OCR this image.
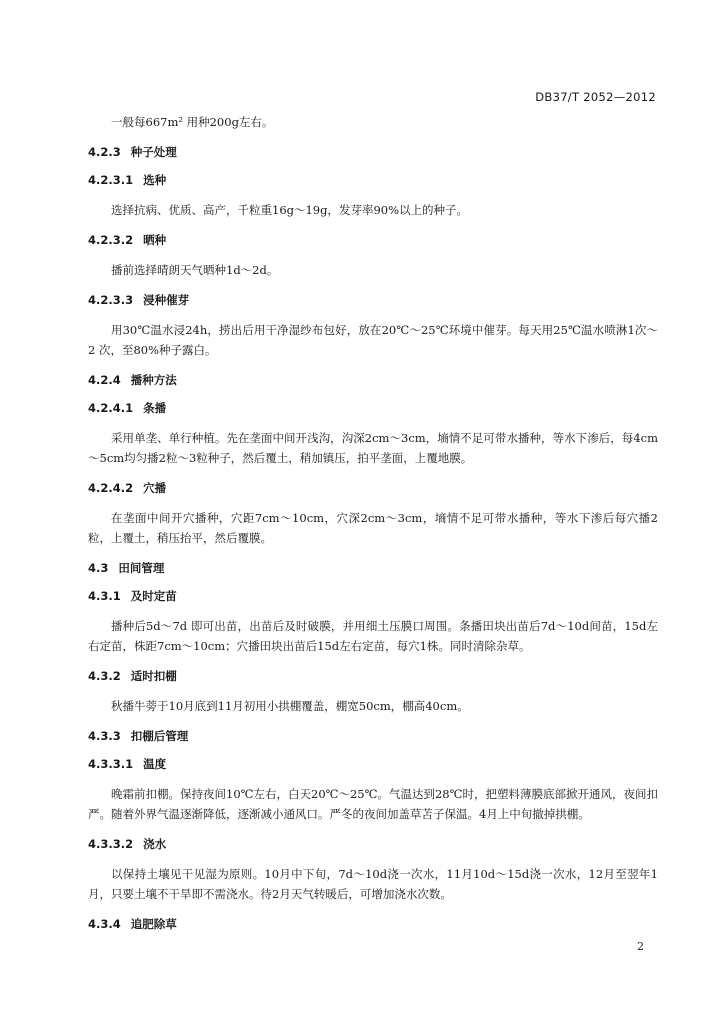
DB37/T 2052—2012

一般每667m² 用种200g左右。

4.2.3 种子处理
4.2.3.1 选种

选择抗病、优质、高产，千粒重16g～19g，发芽率90%以上的种子。

4.2.3.2 晒种

播前选择晴朗天气晒种1d～2d。

4.2.3.3 浸种催芽

用30℃温水浸24h，捞出后用干净湿纱布包好，放在20℃～25℃环境中催芽。每天用25℃温水喷淋1次～2 次，至80%种子露白。

4.2.4 播种方法
4.2.4.1 条播

采用单垄、单行种植。先在垄面中间开浅沟，沟深2cm～3cm，墒情不足可带水播种，等水下渗后，每4cm～5cm均匀播2粒～3粒种子，然后覆土，稍加镇压，拍平垄面，上覆地膜。

4.2.4.2 穴播

在垄面中间开穴播种，穴距7cm～10cm，穴深2cm～3cm，墒情不足可带水播种，等水下渗后每穴播2粒，上覆土，稍压抬平，然后覆膜。

4.3 田间管理
4.3.1 及时定苗

播种后5d～7d 即可出苗，出苗后及时破膜，并用细土压膜口周围。条播田块出苗后7d～10d间苗，15d左右定苗，株距7cm～10cm；穴播田块出苗后15d左右定苗，每穴1株。同时清除杂草。

4.3.2 适时扣棚

秋播牛蒡于10月底到11月初用小拱棚覆盖，棚宽50cm，棚高40cm。

4.3.3 扣棚后管理
4.3.3.1 温度

晚霜前扣棚。保持夜间10℃左右，白天20℃～25℃。气温达到28℃时，把塑料薄膜底部掀开通风，夜间扣严。随着外界气温逐渐降低，逐渐减小通风口。严冬的夜间加盖草苫子保温。4月上中旬撤掉拱棚。

4.3.3.2 浇水

以保持土壤见干见湿为原则。10月中下旬，7d～10d浇一次水，11月10d～15d浇一次水，12月至翌年1月，只要土壤不干旱即不需浇水。待2月天气转暖后，可增加浇水次数。

4.3.4 追肥除草
2
